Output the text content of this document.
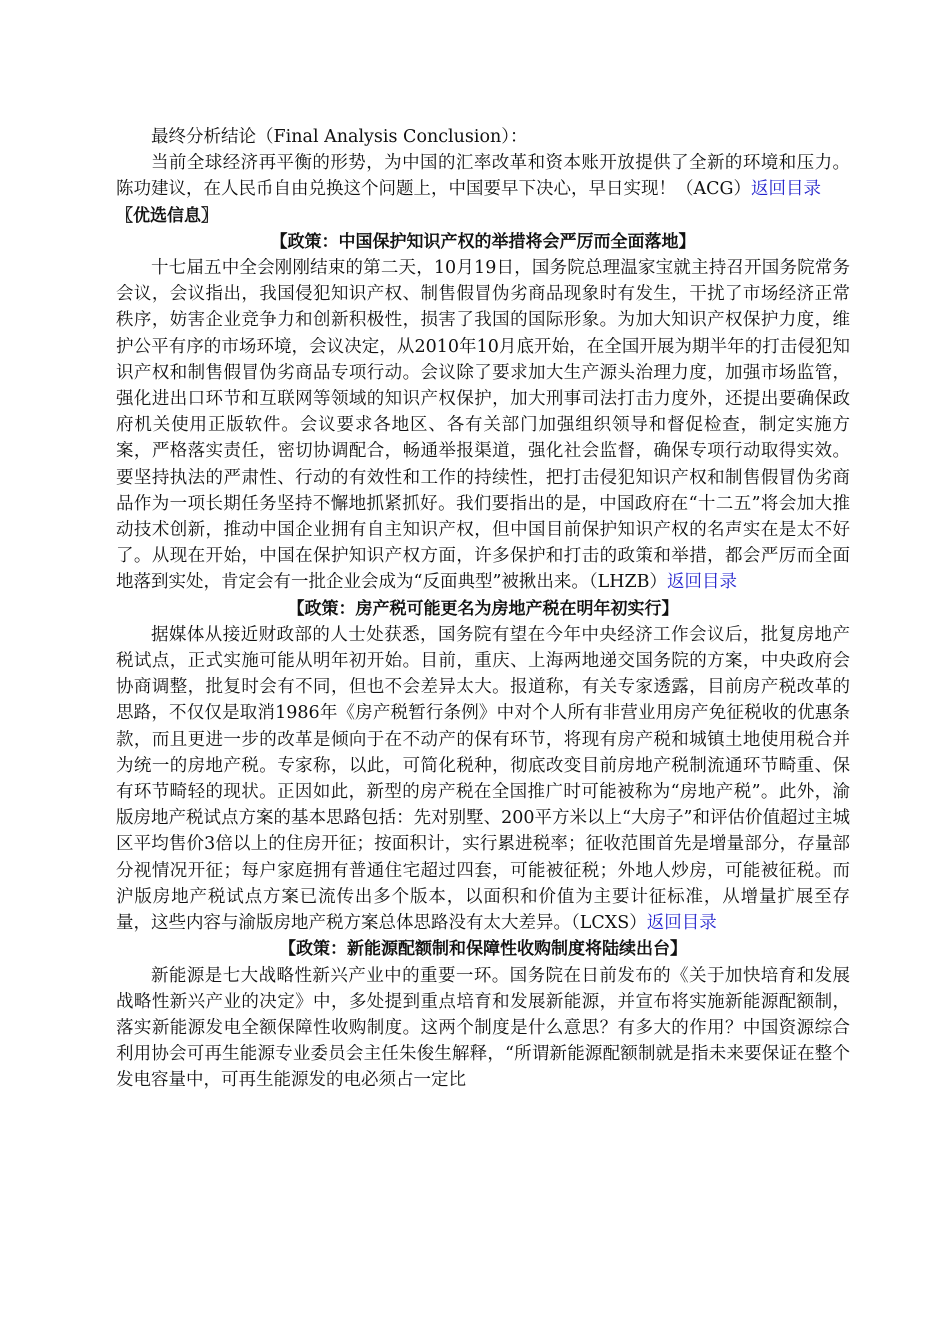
最终分析结论（Final Analysis Conclusion）：

当前全球经济再平衡的形势，为中国的汇率改革和资本账开放提供了全新的环境和压力。陈功建议，在人民币自由兑换这个问题上，中国要早下决心，早日实现！（ACG）返回目录

〖优选信息〗

【政策：中国保护知识产权的举措将会严厉而全面落地】

十七届五中全会刚刚结束的第二天，10月19日，国务院总理温家宝就主持召开国务院常务会议，会议指出，我国侵犯知识产权、制售假冒伪劣商品现象时有发生，干扰了市场经济正常秩序，妨害企业竞争力和创新积极性，损害了我国的国际形象。为加大知识产权保护力度，维护公平有序的市场环境，会议决定，从2010年10月底开始，在全国开展为期半年的打击侵犯知识产权和制售假冒伪劣商品专项行动。会议除了要求加大生产源头治理力度，加强市场监管，强化进出口环节和互联网等领域的知识产权保护，加大刑事司法打击力度外，还提出要确保政府机关使用正版软件。会议要求各地区、各有关部门加强组织领导和督促检查，制定实施方案，严格落实责任，密切协调配合，畅通举报渠道，强化社会监督，确保专项行动取得实效。要坚持执法的严肃性、行动的有效性和工作的持续性，把打击侵犯知识产权和制售假冒伪劣商品作为一项长期任务坚持不懈地抓紧抓好。我们要指出的是，中国政府在“十二五”将会加大推动技术创新，推动中国企业拥有自主知识产权，但中国目前保护知识产权的名声实在是太不好了。从现在开始，中国在保护知识产权方面，许多保护和打击的政策和举措，都会严厉而全面地落到实处，肯定会有一批企业会成为“反面典型”被揪出来。（LHZB）返回目录

【政策：房产税可能更名为房地产税在明年初实行】

据媒体从接近财政部的人士处获悉，国务院有望在今年中央经济工作会议后，批复房地产税试点，正式实施可能从明年初开始。目前，重庆、上海两地递交国务院的方案，中央政府会协商调整，批复时会有不同，但也不会差异太大。报道称，有关专家透露，目前房产税改革的思路，不仅仅是取消1986年《房产税暂行条例》中对个人所有非营业用房产免征税收的优惠条款，而且更进一步的改革是倾向于在不动产的保有环节，将现有房产税和城镇土地使用税合并为统一的房地产税。专家称，以此，可简化税种，彻底改变目前房地产税制流通环节畸重、保有环节畸轻的现状。正因如此，新型的房产税在全国推广时可能被称为“房地产税”。此外，渝版房地产税试点方案的基本思路包括：先对别墅、200平方米以上“大房子”和评估价值超过主城区平均售价3倍以上的住房开征；按面积计，实行累进税率；征收范围首先是增量部分，存量部分视情况开征；每户家庭拥有普通住宅超过四套，可能被征税；外地人炒房，可能被征税。而沪版房地产税试点方案已流传出多个版本，以面积和价值为主要计征标准，从增量扩展至存量，这些内容与渝版房地产税方案总体思路没有太大差异。（LCXS）返回目录

【政策：新能源配额制和保障性收购制度将陆续出台】

新能源是七大战略性新兴产业中的重要一环。国务院在日前发布的《关于加快培育和发展战略性新兴产业的决定》中，多处提到重点培育和发展新能源，并宣布将实施新能源配额制，落实新能源发电全额保障性收购制度。这两个制度是什么意思？有多大的作用？中国资源综合利用协会可再生能源专业委员会主任朱俊生解释，“所谓新能源配额制就是指未来要保证在整个发电容量中，可再生能源发的电必须占一定比
